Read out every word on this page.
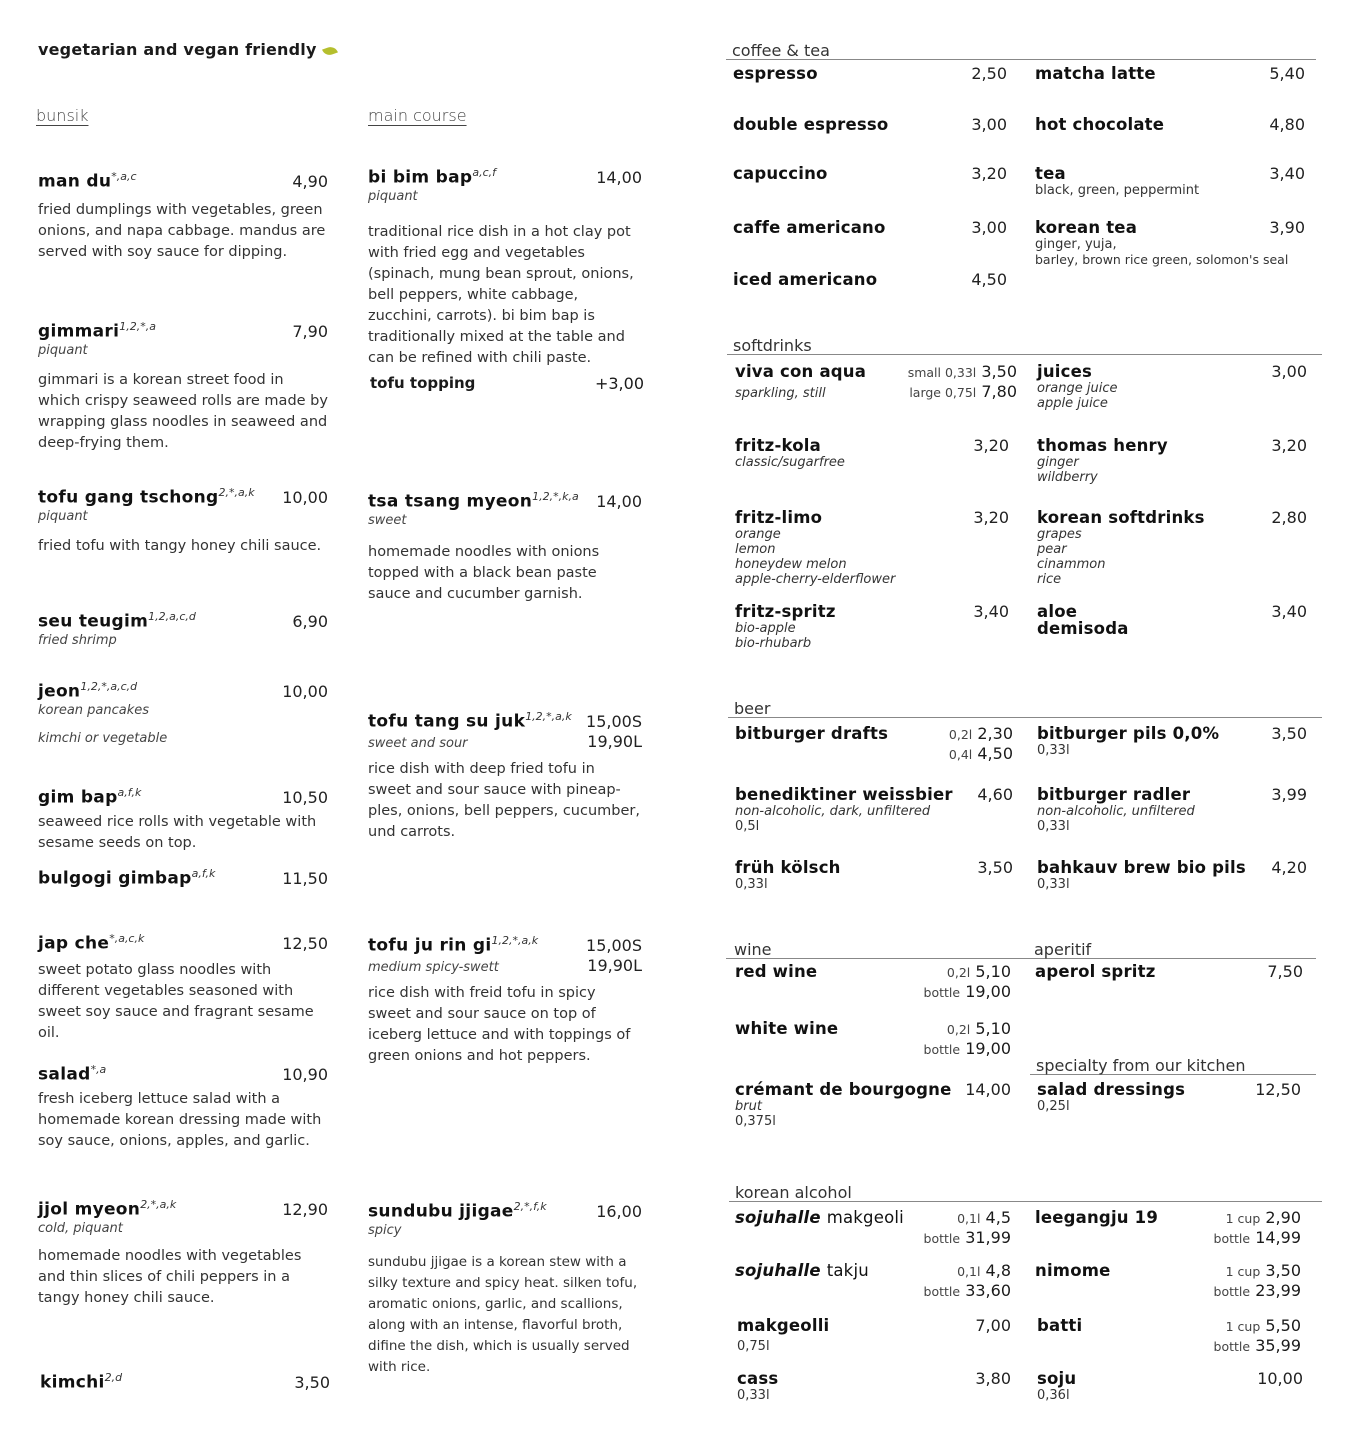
vegetarian and vegan friendly
bunsik	main course
man $du^{*,a,c}$	4,90
fried dumplings with vegetables, green onions, and napa cabbage. mandus are served with soy sauce for dipping.
gimmari$^{1,2,*,a}$	7,90
piquant
gimmari is a korean street food in which crispy seaweed rolls are made by wrapping glass noodles in seaweed and deep-frying them.
tofu gang tschong$^{2,*,a,k}$ 10,00
piquant
fried tofu with tangy honey chili sauce.
seu teugim$^{1,2,a,c,d}$	6,90
fried shrimp
jeon$^{1,2,*,a,c,d}$	10,00
korean pancakes
kimchi or vegetable
gim bap$^{a,f,k}$	10,50
seaweed rice rolls with vegetable with sesame seeds on top.
bulgogi gimbap$^{a,f,k}$	11,50
jap che$^{*,a,c,k}$	12,50
sweet potato glass noodles with different vegetables seasoned with sweet soy sauce and fragrant sesame oil.
salad$^{*,a}$	10,90
fresh iceberg lettuce salad with a homemade korean dressing made with soy sauce, onions, apples, and garlic.
jjol myeon$^{2,*,a,k}$	12,90
cold, piquant
homemade noodles with vegetables and thin slices of chili peppers in a tangy honey chili sauce.
kimchi$^{2,d}$	3,50
bi bim bap$^{a,c,f}$	14,00
piquant
traditional rice dish in a hot clay pot with fried egg and vegetables (spinach, mung bean sprout, onions, bell peppers, white cabbage, zucchini, carrots). bi bim bap is traditionally mixed at the table and can be refined with chili paste.
tofu topping	+3,00
tsa tsang myeon$^{1,2,*,k,a}$ 14,00
sweet
homemade noodles with onions topped with a black bean paste sauce and cucumber garnish.
tofu tang su juk$^{1,2,*,a,k}$ 15,00S
sweet and sour	19,90L
rice dish with deep fried tofu in sweet and sour sauce with pineap-ples, onions, bell peppers, cucumber, und carrots.
tofu ju rin $gi^{1,2,*,a,k}$	15,00S
medium spicy-swett	19,90L
rice dish with freid tofu in spicy sweet and sour sauce on top of iceberg lettuce and with toppings of green onions and hot peppers.
sundubu jjigae$^{2,*,f,k}$	16,00
spicy
sundubu jjigae is a korean stew with a silky texture and spicy heat. silken tofu, aromatic onions, garlic, and scallions, along with an intense, flavorful broth, difine the dish, which is usually served with rice.
coffee & tea
espresso	2,50
double espresso	3,00
capuccino	3,20
caffe americano	3,00
iced americano	4,50
matcha latte	5,40
hot chocolate	4,80
tea	3,40
black, green, peppermint
korean tea	3,90
ginger, yuja,
barley, brown rice green, solomon's seal
softdrinks
viva con aqua	small 0,33l 3,50
sparkling, still	large 0,75l 7,80
fritz-kola	3,20
classic/sugarfree
fritz-limo	3,20
orange
lemon
honeydew melon
apple-cherry-elderflower
fritz-spritz	3,40
bio-apple
bio-rhubarb
juices	3,00
orange juice
apple juice
thomas henry	3,20
ginger
wildberry
korean softdrinks	2,80
grapes
pear
cinammon
rice
aloe	3,40
demisoda
beer
bitburger drafts	0,2l 2,30
0,4l 4,50
benediktiner weissbier 4,60
non-alcoholic, dark, unfiltered
0,5l
früh kölsch	3,50
0,33l
bitburger pils 0,0%	3,50
0,33l
bitburger radler	3,99
non-alcoholic, unfiltered
0,33l
bahkauv brew bio pils 4,20
0,33l
wine	aperitif
red wine	0,2l 5,10
bottle 19,00
white wine	0,2l 5,10
bottle 19,00
crémant de bourgogne 14,00
brut
0,375l
aperol spritz	7,50
specialty from our kitchen
salad dressings	12,50
0,25l
korean alcohol
sojuhalle makgeoli	0,1l 4,5
bottle 31,99
sojuhalle takju	0,1l 4,8
bottle 33,60
makgeolli	7,00
0,75l
cass	3,80
0,33l
leegangju 19	1 cup 2,90
bottle 14,99
nimome	1 cup 3,50
bottle 23,99
batti	1 cup 5,50
bottle 35,99
soju	10,00
0,36l
